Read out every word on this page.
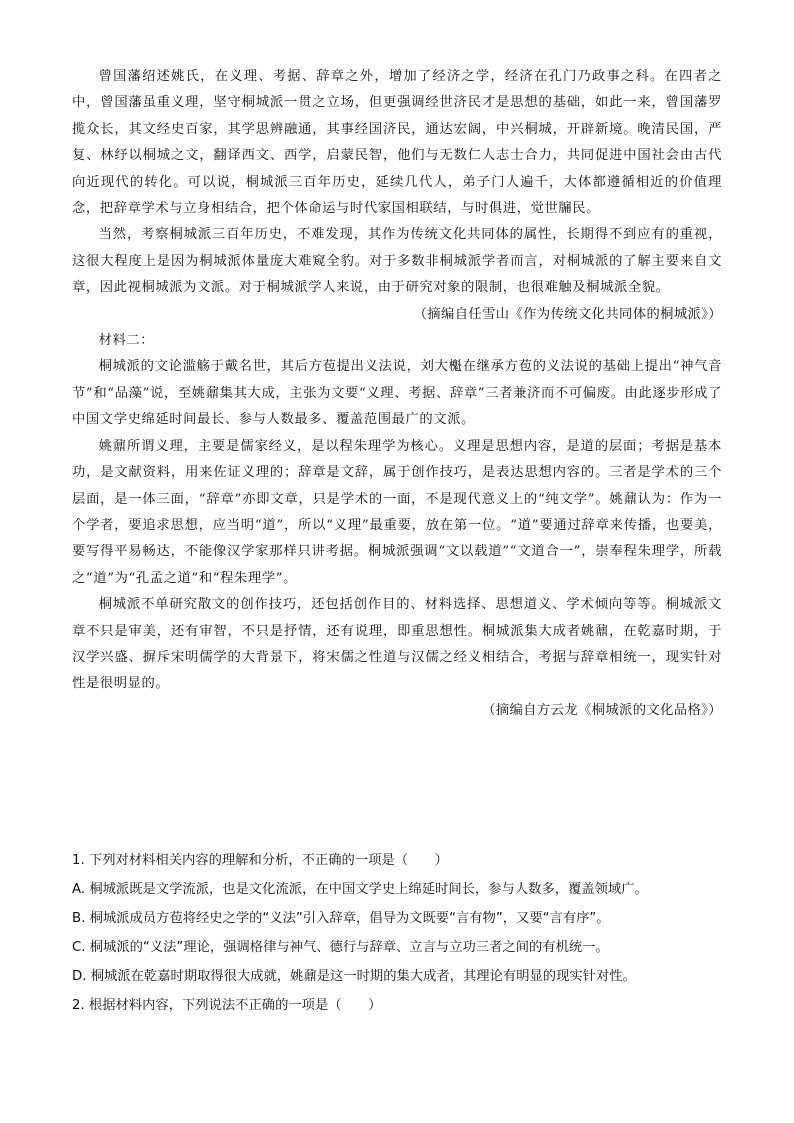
曾国藩绍述姚氏，在义理、考据、辞章之外，增加了经济之学，经济在孔门乃政事之科。在四者之中，曾国藩虽重义理，坚守桐城派一贯之立场，但更强调经世济民才是思想的基础，如此一来，曾国藩罗揽众长，其文经史百家，其学思辨融通，其事经国济民，通达宏阔，中兴桐城，开辟新境。晚清民国，严复、林纾以桐城之文，翻译西文、西学，启蒙民智，他们与无数仁人志士合力，共同促进中国社会由古代向近现代的转化。可以说，桐城派三百年历史，延续几代人，弟子门人遍千，大体都遵循相近的价值理念，把辞章学术与立身相结合，把个体命运与时代家国相联结，与时俱进，觉世牖民。

当然，考察桐城派三百年历史，不难发现，其作为传统文化共同体的属性，长期得不到应有的重视，这很大程度上是因为桐城派体量庞大难窥全豹。对于多数非桐城派学者而言，对桐城派的了解主要来自文章，因此视桐城派为文派。对于桐城派学人来说，由于研究对象的限制，也很难触及桐城派全貌。

（摘编自任雪山《作为传统文化共同体的桐城派》）

材料二：

桐城派的文论滥觞于戴名世，其后方苞提出义法说，刘大櫆在继承方苞的义法说的基础上提出“神气音节”和“品藻”说，至姚鼐集其大成，主张为文要“义理、考据、辞章”三者兼济而不可偏废。由此逐步形成了中国文学史绵延时间最长、参与人数最多、覆盖范围最广的文派。

姚鼐所谓义理，主要是儒家经义，是以程朱理学为核心。义理是思想内容，是道的层面；考据是基本功，是文献资料，用来佐证义理的；辞章是文辞，属于创作技巧，是表达思想内容的。三者是学术的三个层面，是一体三面，“辞章”亦即文章，只是学术的一面，不是现代意义上的“纯文学”。姚鼐认为：作为一个学者，要追求思想，应当明“道”，所以“义理”最重要，放在第一位。“道”要通过辞章来传播，也要美，要写得平易畅达，不能像汉学家那样只讲考据。桐城派强调“文以载道”“文道合一”，崇奉程朱理学，所载之“道”为“孔孟之道”和“程朱理学”。

桐城派不单研究散文的创作技巧，还包括创作目的、材料选择、思想道义、学术倾向等等。桐城派文章不只是审美，还有审智，不只是抒情，还有说理，即重思想性。桐城派集大成者姚鼐，在乾嘉时期，于汉学兴盛、摒斥宋明儒学的大背景下，将宋儒之性道与汉儒之经义相结合，考据与辞章相统一，现实针对性是很明显的。

（摘编自方云龙《桐城派的文化品格》）

1. 下列对材料相关内容的理解和分析，不正确的一项是（　　）

A. 桐城派既是文学流派，也是文化流派，在中国文学史上绵延时间长，参与人数多，覆盖领域广。

B. 桐城派成员方苞将经史之学的“义法”引入辞章，倡导为文既要“言有物”，又要“言有序”。

C. 桐城派的“义法”理论，强调格律与神气、德行与辞章、立言与立功三者之间的有机统一。

D. 桐城派在乾嘉时期取得很大成就，姚鼐是这一时期的集大成者，其理论有明显的现实针对性。

2. 根据材料内容，下列说法不正确的一项是（　　）
